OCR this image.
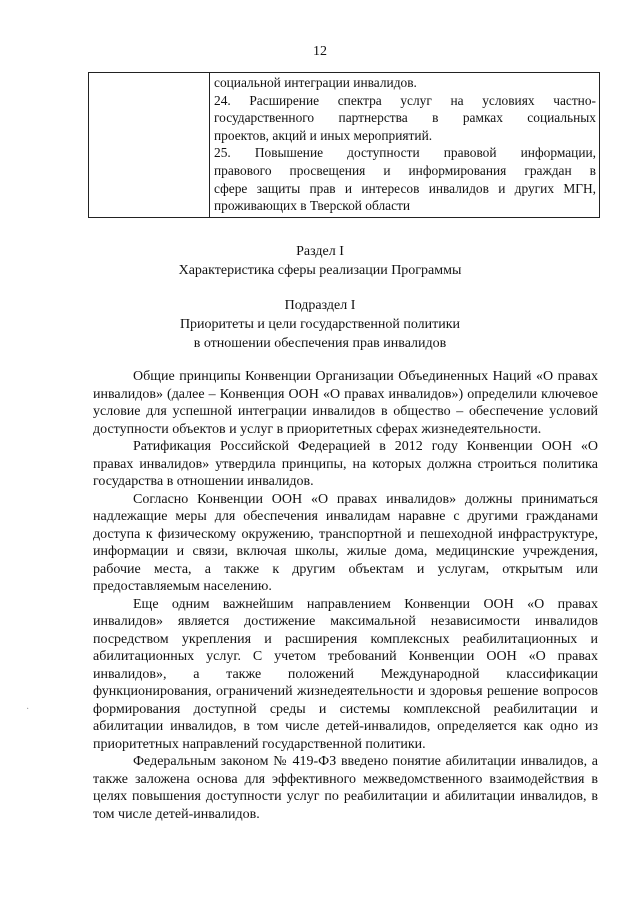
12

социальной интеграции инвалидов.
24. Расширение спектра услуг на условиях частно-
государственного партнерства в рамках социальных
проектов, акций и иных мероприятий.
25. Повышение доступности правовой информации,
правового просвещения и информирования граждан в
сфере защиты прав и интересов инвалидов и других МГН,
проживающих в Тверской области
Раздел I
Характеристика сферы реализации Программы
Подраздел I
Приоритеты и цели государственной политики
в отношении обеспечения прав инвалидов

Общие принципы Конвенции Организации Объединенных Наций «О правах инвалидов» (далее – Конвенция ООН «О правах инвалидов») определили ключевое условие для успешной интеграции инвалидов в общество – обеспечение условий доступности объектов и услуг в приоритетных сферах жизнедеятельности.

Ратификация Российской Федерацией в 2012 году Конвенции ООН «О правах инвалидов» утвердила принципы, на которых должна строиться политика государства в отношении инвалидов.

Согласно Конвенции ООН «О правах инвалидов» должны приниматься надлежащие меры для обеспечения инвалидам наравне с другими гражданами доступа к физическому окружению, транспортной и пешеходной инфраструктуре, информации и связи, включая школы, жилые дома, медицинские учреждения, рабочие места, а также к другим объектам и услугам, открытым или предоставляемым населению.

Еще одним важнейшим направлением Конвенции ООН «О правах инвалидов» является достижение максимальной независимости инвалидов посредством укрепления и расширения комплексных реабилитационных и абилитационных услуг. С учетом требований Конвенции ООН «О правах инвалидов», а также положений Международной классификации функционирования, ограничений жизнедеятельности и здоровья решение вопросов формирования доступной среды и системы комплексной реабилитации и абилитации инвалидов, в том числе детей-инвалидов, определяется как одно из приоритетных направлений государственной политики.

Федеральным законом № 419-ФЗ введено понятие абилитации инвалидов, а также заложена основа для эффективного межведомственного взаимодействия в целях повышения доступности услуг по реабилитации и абилитации инвалидов, в том числе детей-инвалидов.

·
